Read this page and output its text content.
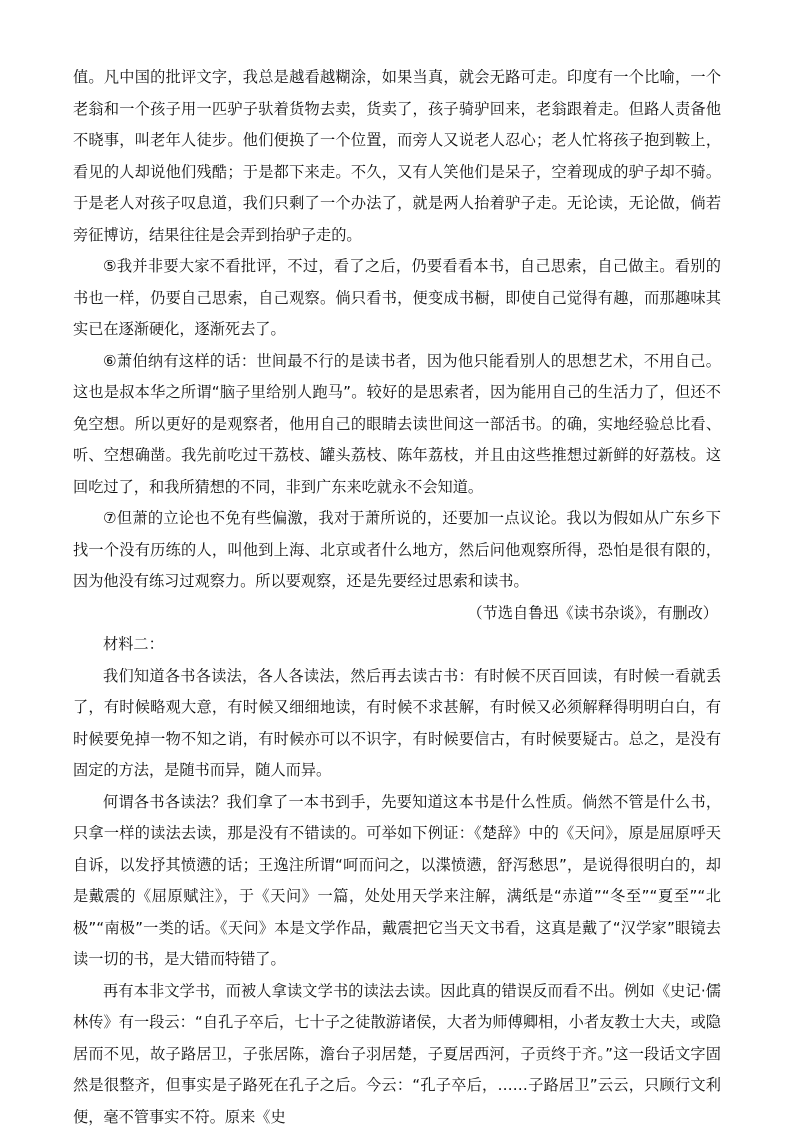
值。凡中国的批评文字，我总是越看越糊涂，如果当真，就会无路可走。印度有一个比喻，一个老翁和一个孩子用一匹驴子驮着货物去卖，货卖了，孩子骑驴回来，老翁跟着走。但路人责备他不晓事，叫老年人徒步。他们便换了一个位置，而旁人又说老人忍心；老人忙将孩子抱到鞍上，看见的人却说他们残酷；于是都下来走。不久，又有人笑他们是呆子，空着现成的驴子却不骑。于是老人对孩子叹息道，我们只剩了一个办法了，就是两人抬着驴子走。无论读，无论做，倘若旁征博访，结果往往是会弄到抬驴子走的。

⑤我并非要大家不看批评，不过，看了之后，仍要看看本书，自己思索，自己做主。看别的书也一样，仍要自己思索，自己观察。倘只看书，便变成书橱，即使自己觉得有趣，而那趣味其实已在逐渐硬化，逐渐死去了。

⑥萧伯纳有这样的话：世间最不行的是读书者，因为他只能看别人的思想艺术，不用自己。这也是叔本华之所谓“脑子里给别人跑马”。较好的是思索者，因为能用自己的生活力了，但还不免空想。所以更好的是观察者，他用自己的眼睛去读世间这一部活书。的确，实地经验总比看、听、空想确凿。我先前吃过干荔枝、罐头荔枝、陈年荔枝，并且由这些推想过新鲜的好荔枝。这回吃过了，和我所猜想的不同，非到广东来吃就永不会知道。

⑦但萧的立论也不免有些偏激，我对于萧所说的，还要加一点议论。我以为假如从广东乡下找一个没有历练的人，叫他到上海、北京或者什么地方，然后问他观察所得，恐怕是很有限的，因为他没有练习过观察力。所以要观察，还是先要经过思索和读书。

（节选自鲁迅《读书杂谈》，有删改）

材料二：

我们知道各书各读法，各人各读法，然后再去读古书：有时候不厌百回读，有时候一看就丢了，有时候略观大意，有时候又细细地读，有时候不求甚解，有时候又必须解释得明明白白，有时候要免掉一物不知之诮，有时候亦可以不识字，有时候要信古，有时候要疑古。总之，是没有固定的方法，是随书而异，随人而异。

何谓各书各读法？我们拿了一本书到手，先要知道这本书是什么性质。倘然不管是什么书，只拿一样的读法去读，那是没有不错读的。可举如下例证：《楚辞》中的《天问》，原是屈原呼天自诉，以发抒其愤懑的话；王逸注所谓“呵而问之，以渫愤懑，舒泻愁思”，是说得很明白的，却是戴震的《屈原赋注》，于《天问》一篇，处处用天学来注解，满纸是“赤道”“冬至”“夏至”“北极”“南极”一类的话。《天问》本是文学作品，戴震把它当天文书看，这真是戴了“汉学家”眼镜去读一切的书，是大错而特错了。

再有本非文学书，而被人拿读文学书的读法去读。因此真的错误反而看不出。例如《史记·儒林传》有一段云：“自孔子卒后，七十子之徒散游诸侯，大者为师傅卿相，小者友教士大夫，或隐居而不见，故子路居卫，子张居陈，澹台子羽居楚，子夏居西河，子贡终于齐。”这一段话文字固然是很整齐，但事实是子路死在孔子之后。今云：“孔子卒后，……子路居卫”云云，只顾行文利便，毫不管事实不符。原来《史
